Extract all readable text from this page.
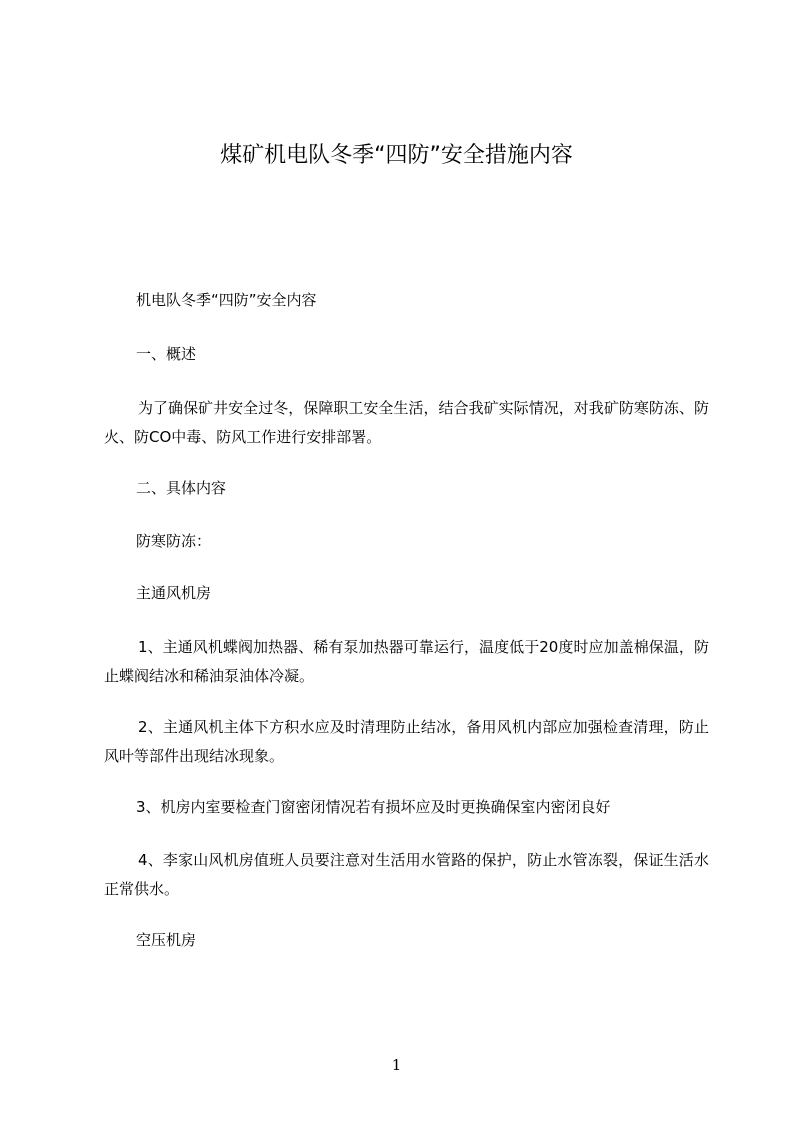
煤矿机电队冬季“四防”安全措施内容

机电队冬季“四防”安全内容

一、概述

为了确保矿井安全过冬，保障职工安全生活，结合我矿实际情况，对我矿防寒防冻、防火、防CO中毒、防风工作进行安排部署。

二、具体内容

防寒防冻：

主通风机房

1、主通风机蝶阀加热器、稀有泵加热器可靠运行，温度低于20度时应加盖棉保温，防止蝶阀结冰和稀油泵油体冷凝。

2、主通风机主体下方积水应及时清理防止结冰，备用风机内部应加强检查清理，防止风叶等部件出现结冰现象。

3、机房内室要检查门窗密闭情况若有损坏应及时更换确保室内密闭良好

4、李家山风机房值班人员要注意对生活用水管路的保护，防止水管冻裂，保证生活水正常供水。

空压机房

1
